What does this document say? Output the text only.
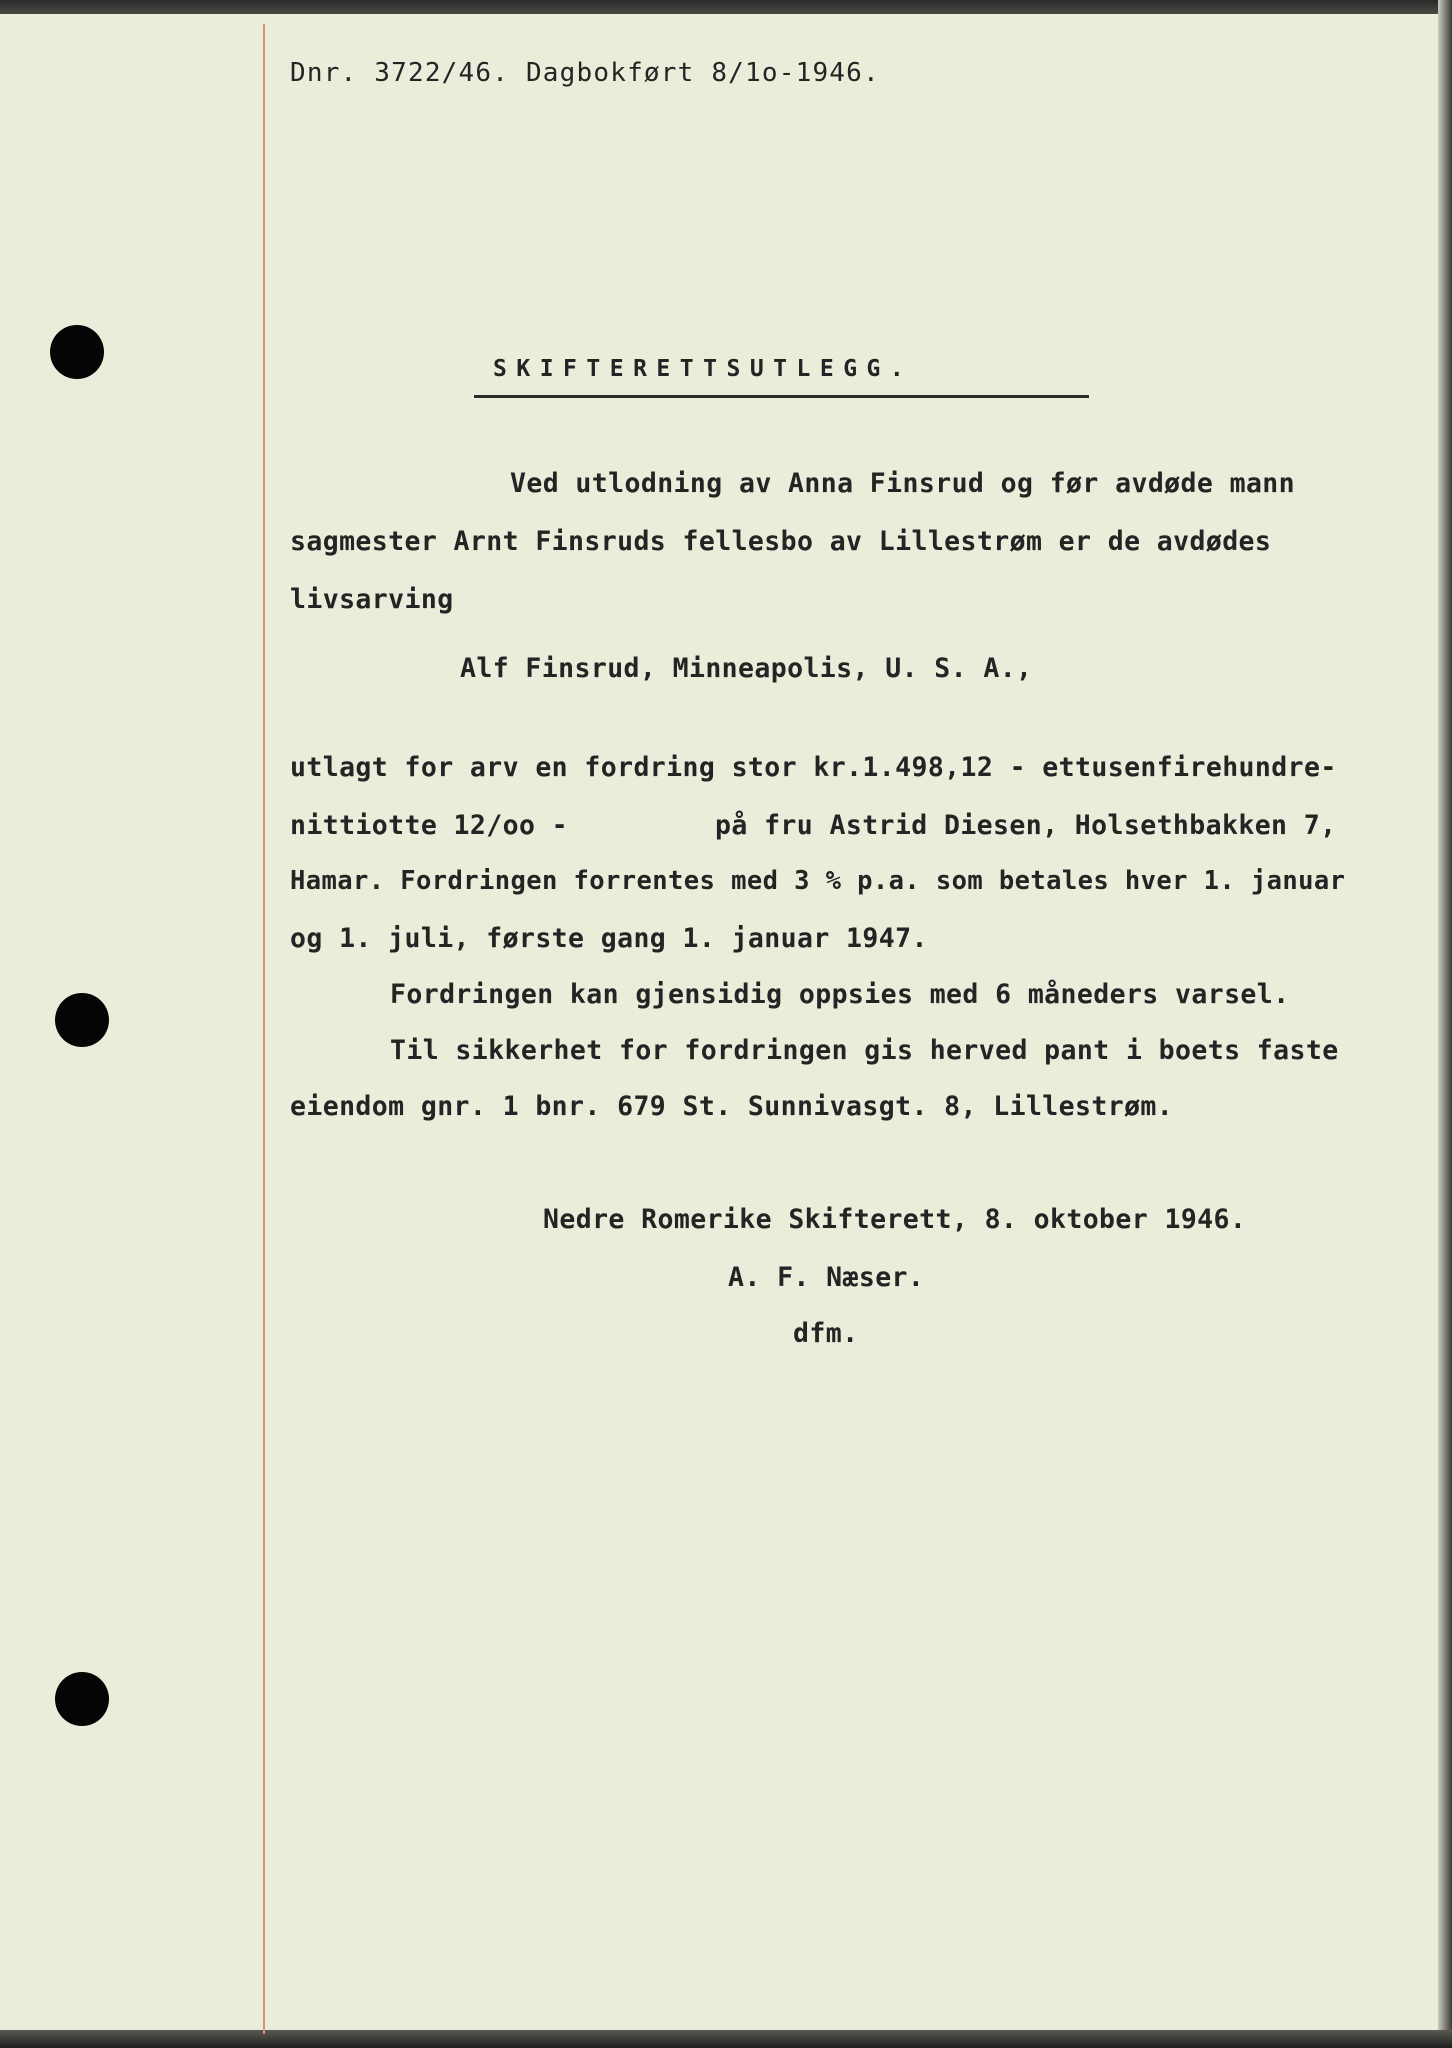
Dnr. 3722/46. Dagbokført 8/1o-1946.
SKIFTERETTSUTLEGG.
Ved utlodning av Anna Finsrud og før avdøde mann
sagmester Arnt Finsruds fellesbo av Lillestrøm er de avdødes
livsarving
Alf Finsrud, Minneapolis, U. S. A.,
utlagt for arv en fordring stor kr.1.498,12 - ettusenfirehundre-
nittiotte 12/oo -	på fru Astrid Diesen, Holsethbakken 7,
Hamar. Fordringen forrentes med 3 % p.a. som betales hver 1. januar
og 1. juli, første gang 1. januar 1947.
Fordringen kan gjensidig oppsies med 6 måneders varsel.
Til sikkerhet for fordringen gis herved pant i boets faste
eiendom gnr. 1 bnr. 679 St. Sunnivasgt. 8, Lillestrøm.
Nedre Romerike Skifterett, 8. oktober 1946.
A. F. Næser.
dfm.
